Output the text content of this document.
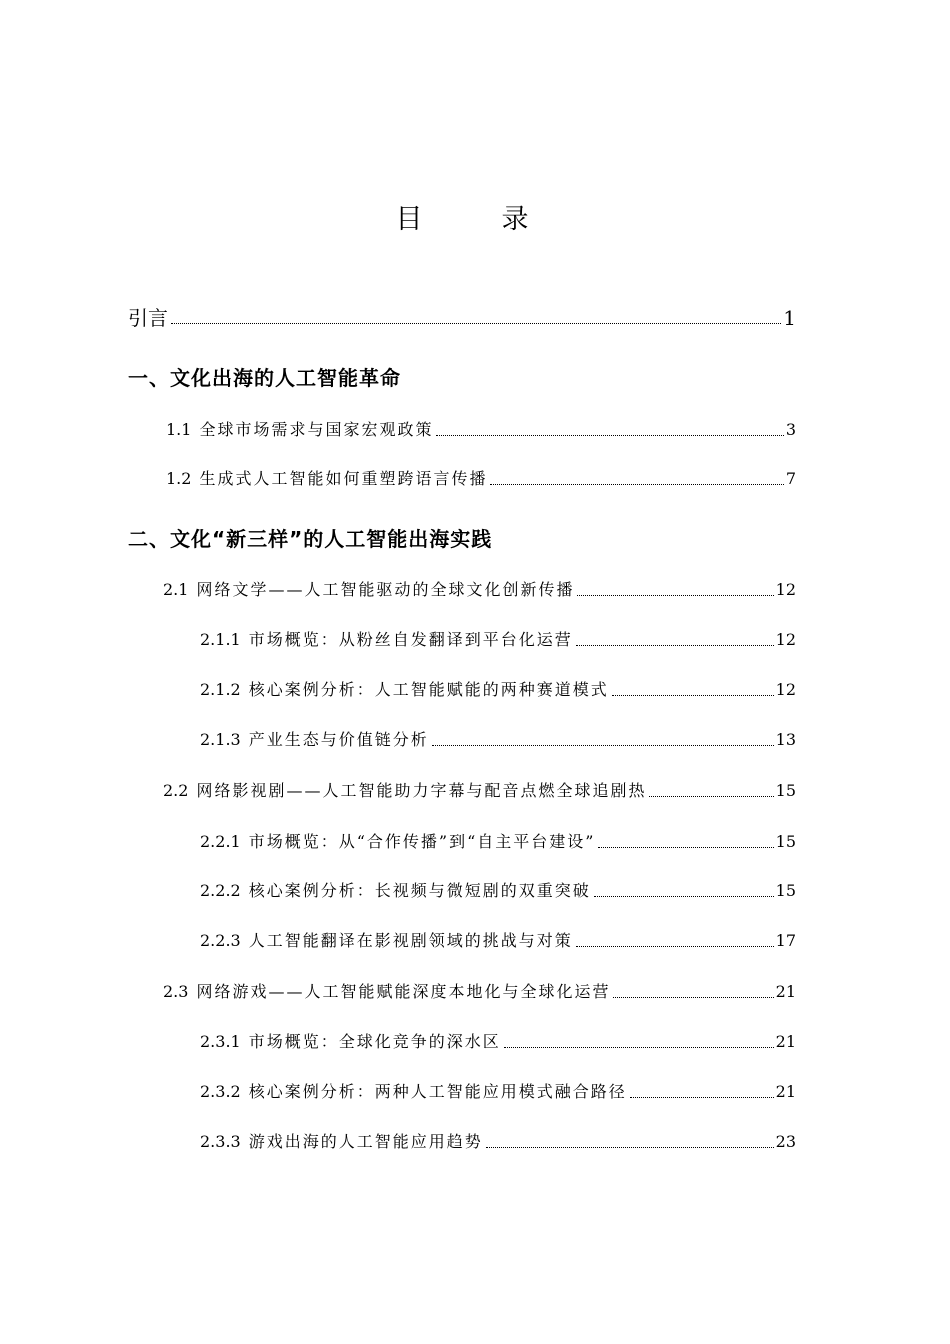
目　录
引言	1
一、文化出海的人工智能革命
1.1 全球市场需求与国家宏观政策	3
1.2 生成式人工智能如何重塑跨语言传播	7
二、文化“新三样”的人工智能出海实践
2.1 网络文学——人工智能驱动的全球文化创新传播	12
2.1.1 市场概览：从粉丝自发翻译到平台化运营	12
2.1.2 核心案例分析：人工智能赋能的两种赛道模式	12
2.1.3 产业生态与价值链分析	13
2.2 网络影视剧——人工智能助力字幕与配音点燃全球追剧热	15
2.2.1 市场概览：从“合作传播”到“自主平台建设”	15
2.2.2 核心案例分析：长视频与微短剧的双重突破	15
2.2.3 人工智能翻译在影视剧领域的挑战与对策	17
2.3 网络游戏——人工智能赋能深度本地化与全球化运营	21
2.3.1 市场概览：全球化竞争的深水区	21
2.3.2 核心案例分析：两种人工智能应用模式融合路径	21
2.3.3 游戏出海的人工智能应用趋势	23
